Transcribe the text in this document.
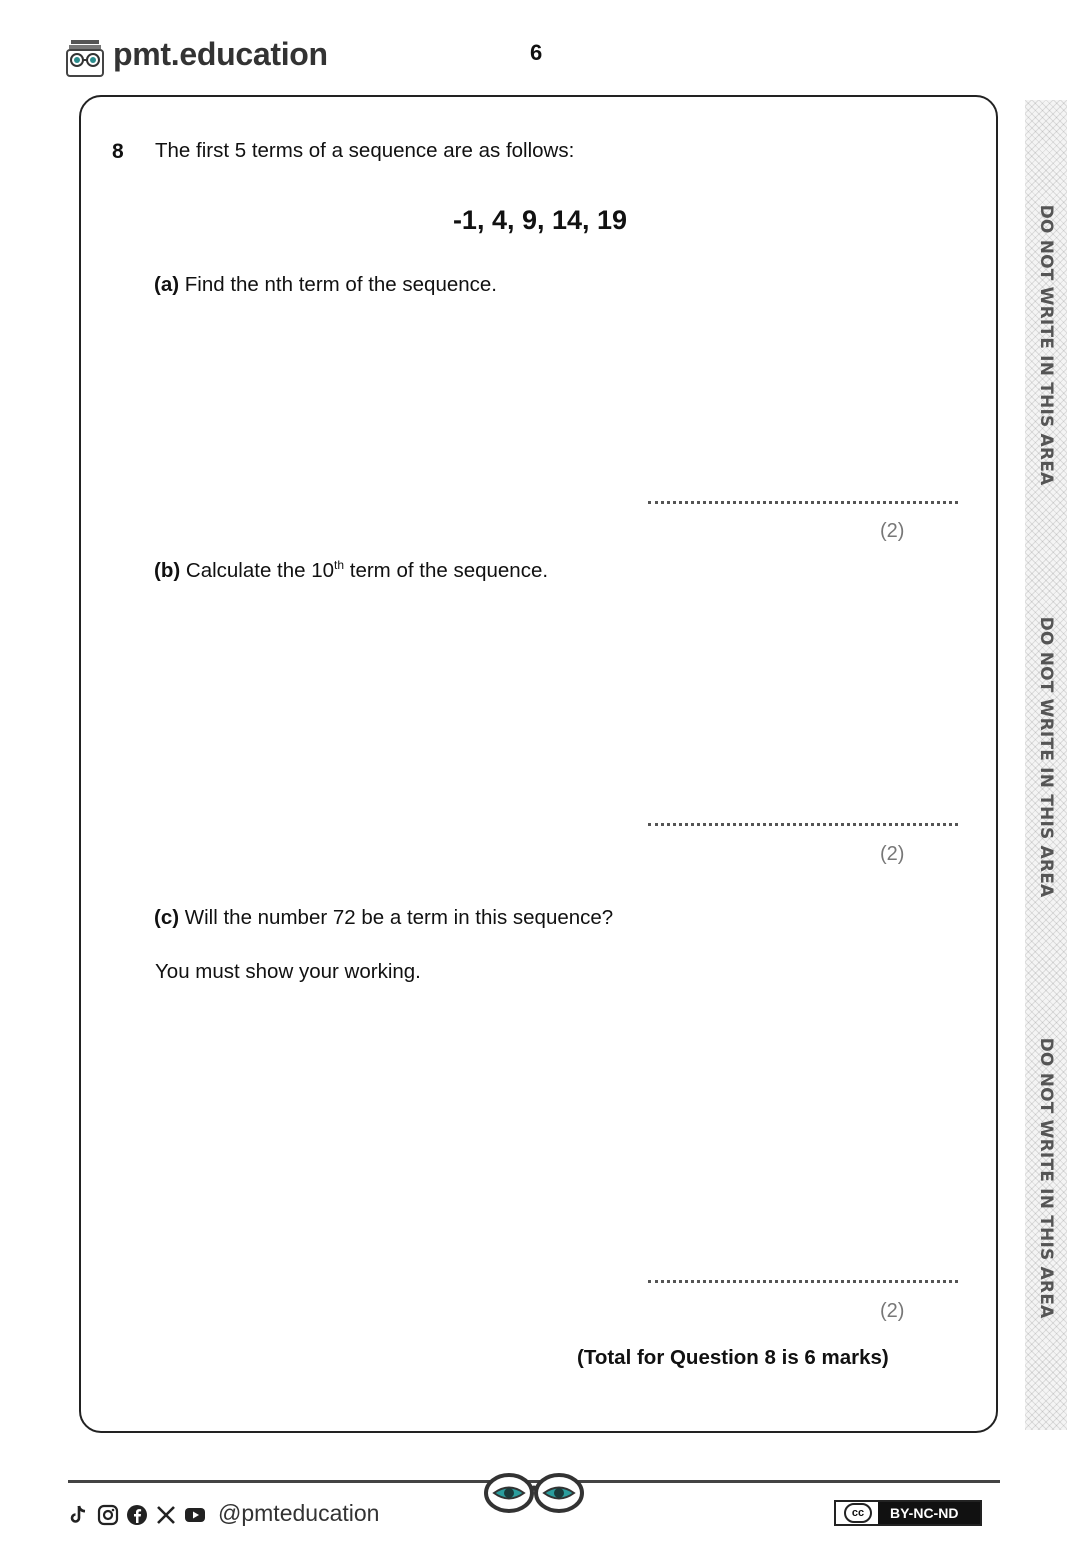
pmt.education	6
8 The first 5 terms of a sequence are as follows:
-1, 4, 9, 14, 19
(a) Find the nth term of the sequence.
(2)
(b) Calculate the 10th term of the sequence.
(2)
(c) Will the number 72 be a term in this sequence?
You must show your working.
(2)
(Total for Question 8 is 6 marks)
DO NOT WRITE IN THIS AREA
DO NOT WRITE IN THIS AREA
DO NOT WRITE IN THIS AREA
@pmteducation	cc	BY-NC-ND
